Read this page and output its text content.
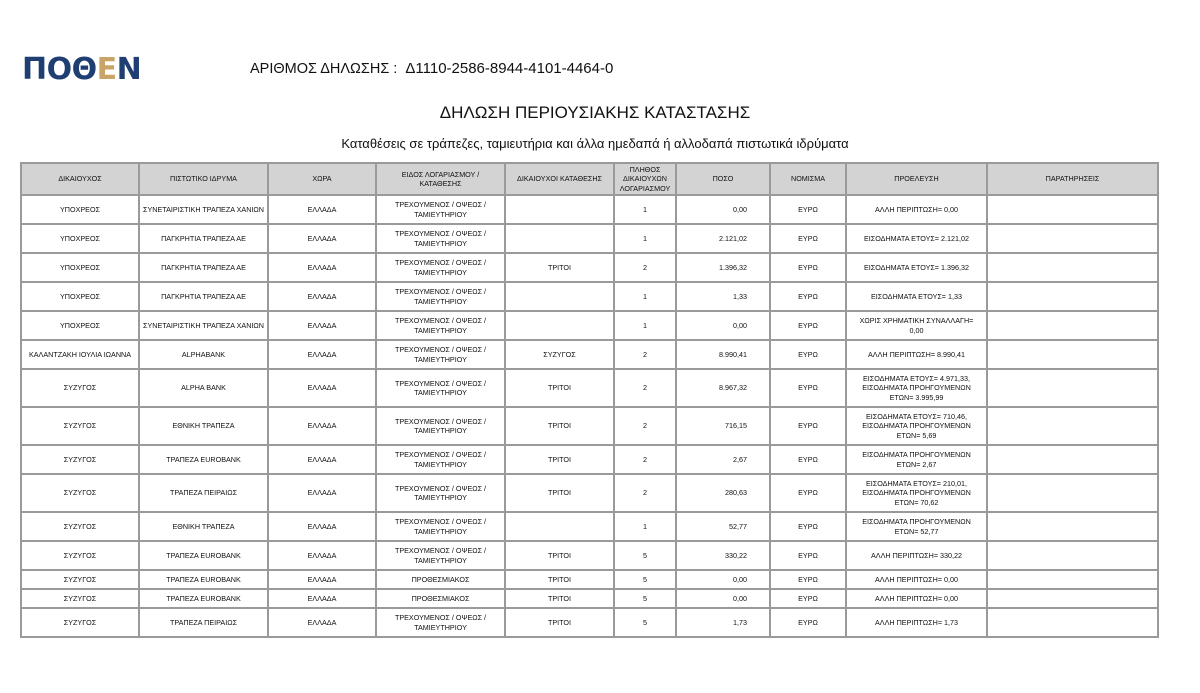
ΠΟΘΕΝ	ΑΡΙΘΜΟΣ ΔΗΛΩΣΗΣ : Δ1110-2586-8944-4101-4464-0
ΔΗΛΩΣΗ ΠΕΡΙΟΥΣΙΑΚΗΣ ΚΑΤΑΣΤΑΣΗΣ
Καταθέσεις σε τράπεζες, ταμιευτήρια και άλλα ημεδαπά ή αλλοδαπά πιστωτικά ιδρύματα
ΔΙΚΑΙΟΥΧΟΣ	ΠΙΣΤΩΤΙΚΟ ΙΔΡΥΜΑ	ΧΩΡΑ	ΕΙΔΟΣ ΛΟΓΑΡΙΑΣΜΟΥ / ΚΑΤΑΘΕΣΗΣ	ΔΙΚΑΙΟΥΧΟΙ ΚΑΤΑΘΕΣΗΣ	ΠΛΗΘΟΣ ΔΙΚΑΙΟΥΧΩΝ ΛΟΓΑΡΙΑΣΜΟΥ	ΠΟΣΟ	ΝΟΜΙΣΜΑ	ΠΡΟΕΛΕΥΣΗ	ΠΑΡΑΤΗΡΗΣΕΙΣ
ΥΠΟΧΡΕΟΣ	ΣΥΝΕΤΑΙΡΙΣΤΙΚΗ ΤΡΑΠΕΖΑ ΧΑΝΙΩΝ	ΕΛΛΑΔΑ	ΤΡΕΧΟΥΜΕΝΟΣ / ΟΨΕΩΣ / ΤΑΜΙΕΥΤΗΡΙΟΥ		1	0,00	ΕΥΡΩ	ΑΛΛΗ ΠΕΡΙΠΤΩΣΗ= 0,00	
ΥΠΟΧΡΕΟΣ	ΠΑΓΚΡΗΤΙΑ ΤΡΑΠΕΖΑ ΑΕ	ΕΛΛΑΔΑ	ΤΡΕΧΟΥΜΕΝΟΣ / ΟΨΕΩΣ / ΤΑΜΙΕΥΤΗΡΙΟΥ		1	2.121,02	ΕΥΡΩ	ΕΙΣΟΔΗΜΑΤΑ ΕΤΟΥΣ= 2.121,02	
ΥΠΟΧΡΕΟΣ	ΠΑΓΚΡΗΤΙΑ ΤΡΑΠΕΖΑ ΑΕ	ΕΛΛΑΔΑ	ΤΡΕΧΟΥΜΕΝΟΣ / ΟΨΕΩΣ / ΤΑΜΙΕΥΤΗΡΙΟΥ	ΤΡΙΤΟΙ	2	1.396,32	ΕΥΡΩ	ΕΙΣΟΔΗΜΑΤΑ ΕΤΟΥΣ= 1.396,32	
ΥΠΟΧΡΕΟΣ	ΠΑΓΚΡΗΤΙΑ ΤΡΑΠΕΖΑ ΑΕ	ΕΛΛΑΔΑ	ΤΡΕΧΟΥΜΕΝΟΣ / ΟΨΕΩΣ / ΤΑΜΙΕΥΤΗΡΙΟΥ		1	1,33	ΕΥΡΩ	ΕΙΣΟΔΗΜΑΤΑ ΕΤΟΥΣ= 1,33	
ΥΠΟΧΡΕΟΣ	ΣΥΝΕΤΑΙΡΙΣΤΙΚΗ ΤΡΑΠΕΖΑ ΧΑΝΙΩΝ	ΕΛΛΑΔΑ	ΤΡΕΧΟΥΜΕΝΟΣ / ΟΨΕΩΣ / ΤΑΜΙΕΥΤΗΡΙΟΥ		1	0,00	ΕΥΡΩ	ΧΩΡΙΣ ΧΡΗΜΑΤΙΚΗ ΣΥΝΑΛΛΑΓΗ=
0,00	
ΚΑΛΑΝΤΖΑΚΗ ΙΟΥΛΙΑ ΙΩΑΝΝΑ	ALPHABANK	ΕΛΛΑΔΑ	ΤΡΕΧΟΥΜΕΝΟΣ / ΟΨΕΩΣ / ΤΑΜΙΕΥΤΗΡΙΟΥ	ΣΥΖΥΓΟΣ	2	8.990,41	ΕΥΡΩ	ΑΛΛΗ ΠΕΡΙΠΤΩΣΗ= 8.990,41	
ΣΥΖΥΓΟΣ	ALPHA BANK	ΕΛΛΑΔΑ	ΤΡΕΧΟΥΜΕΝΟΣ / ΟΨΕΩΣ / ΤΑΜΙΕΥΤΗΡΙΟΥ	ΤΡΙΤΟΙ	2	8.967,32	ΕΥΡΩ	ΕΙΣΟΔΗΜΑΤΑ ΕΤΟΥΣ= 4.971,33,
ΕΙΣΟΔΗΜΑΤΑ ΠΡΟΗΓΟΥΜΕΝΩΝ
ΕΤΩΝ= 3.995,99	
ΣΥΖΥΓΟΣ	ΕΘΝΙΚΗ ΤΡΑΠΕΖΑ	ΕΛΛΑΔΑ	ΤΡΕΧΟΥΜΕΝΟΣ / ΟΨΕΩΣ / ΤΑΜΙΕΥΤΗΡΙΟΥ	ΤΡΙΤΟΙ	2	716,15	ΕΥΡΩ	ΕΙΣΟΔΗΜΑΤΑ ΕΤΟΥΣ= 710,46,
ΕΙΣΟΔΗΜΑΤΑ ΠΡΟΗΓΟΥΜΕΝΩΝ
ΕΤΩΝ= 5,69	
ΣΥΖΥΓΟΣ	ΤΡΑΠΕΖΑ EUROBANK	ΕΛΛΑΔΑ	ΤΡΕΧΟΥΜΕΝΟΣ / ΟΨΕΩΣ / ΤΑΜΙΕΥΤΗΡΙΟΥ	ΤΡΙΤΟΙ	2	2,67	ΕΥΡΩ	ΕΙΣΟΔΗΜΑΤΑ ΠΡΟΗΓΟΥΜΕΝΩΝ
ΕΤΩΝ= 2,67	
ΣΥΖΥΓΟΣ	ΤΡΑΠΕΖΑ ΠΕΙΡΑΙΩΣ	ΕΛΛΑΔΑ	ΤΡΕΧΟΥΜΕΝΟΣ / ΟΨΕΩΣ / ΤΑΜΙΕΥΤΗΡΙΟΥ	ΤΡΙΤΟΙ	2	280,63	ΕΥΡΩ	ΕΙΣΟΔΗΜΑΤΑ ΕΤΟΥΣ= 210,01,
ΕΙΣΟΔΗΜΑΤΑ ΠΡΟΗΓΟΥΜΕΝΩΝ
ΕΤΩΝ= 70,62	
ΣΥΖΥΓΟΣ	ΕΘΝΙΚΗ ΤΡΑΠΕΖΑ	ΕΛΛΑΔΑ	ΤΡΕΧΟΥΜΕΝΟΣ / ΟΨΕΩΣ / ΤΑΜΙΕΥΤΗΡΙΟΥ		1	52,77	ΕΥΡΩ	ΕΙΣΟΔΗΜΑΤΑ ΠΡΟΗΓΟΥΜΕΝΩΝ
ΕΤΩΝ= 52,77	
ΣΥΖΥΓΟΣ	ΤΡΑΠΕΖΑ EUROBANK	ΕΛΛΑΔΑ	ΤΡΕΧΟΥΜΕΝΟΣ / ΟΨΕΩΣ / ΤΑΜΙΕΥΤΗΡΙΟΥ	ΤΡΙΤΟΙ	5	330,22	ΕΥΡΩ	ΑΛΛΗ ΠΕΡΙΠΤΩΣΗ= 330,22	
ΣΥΖΥΓΟΣ	ΤΡΑΠΕΖΑ EUROBANK	ΕΛΛΑΔΑ	ΠΡΟΘΕΣΜΙΑΚΟΣ	ΤΡΙΤΟΙ	5	0,00	ΕΥΡΩ	ΑΛΛΗ ΠΕΡΙΠΤΩΣΗ= 0,00	
ΣΥΖΥΓΟΣ	ΤΡΑΠΕΖΑ EUROBANK	ΕΛΛΑΔΑ	ΠΡΟΘΕΣΜΙΑΚΟΣ	ΤΡΙΤΟΙ	5	0,00	ΕΥΡΩ	ΑΛΛΗ ΠΕΡΙΠΤΩΣΗ= 0,00	
ΣΥΖΥΓΟΣ	ΤΡΑΠΕΖΑ ΠΕΙΡΑΙΩΣ	ΕΛΛΑΔΑ	ΤΡΕΧΟΥΜΕΝΟΣ / ΟΨΕΩΣ / ΤΑΜΙΕΥΤΗΡΙΟΥ	ΤΡΙΤΟΙ	5	1,73	ΕΥΡΩ	ΑΛΛΗ ΠΕΡΙΠΤΩΣΗ= 1,73	
